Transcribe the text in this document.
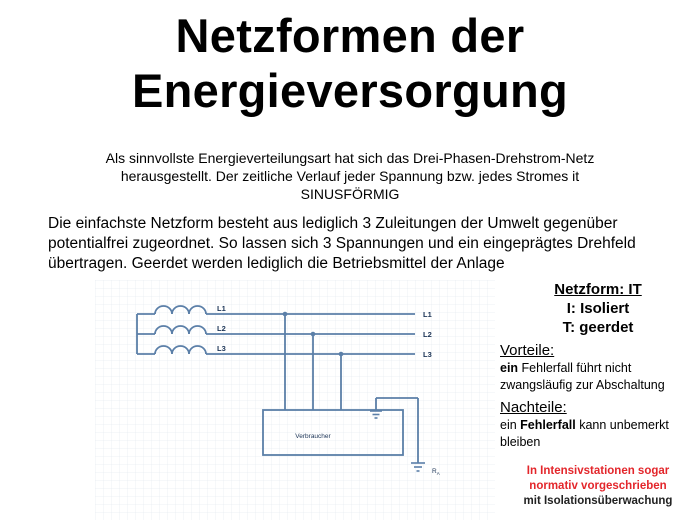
Netzformen der
Energieversorgung
Als sinnvollste Energieverteilungsart hat sich das Drei-Phasen-Drehstrom-Netz
herausgestellt. Der zeitliche Verlauf jeder Spannung bzw. jedes Stromes it
SINUSFÖRMIG
Die einfachste Netzform besteht aus lediglich 3 Zuleitungen der Umwelt gegenüber
potentialfrei zugeordnet. So lassen sich 3 Spannungen und ein eingeprägtes Drehfeld
übertragen. Geerdet werden lediglich die Betriebsmittel der Anlage
L1
L2
L3
L1
L2
L3
Verbraucher
$R_A$
Netzform: IT
I: Isoliert
T: geerdet
Vorteile:
ein Fehlerfall führt nicht
zwangsläufig zur Abschaltung
Nachteile:
ein Fehlerfall kann unbemerkt
bleiben
In Intensivstationen sogar
normativ vorgeschrieben
mit Isolationsüberwachung
